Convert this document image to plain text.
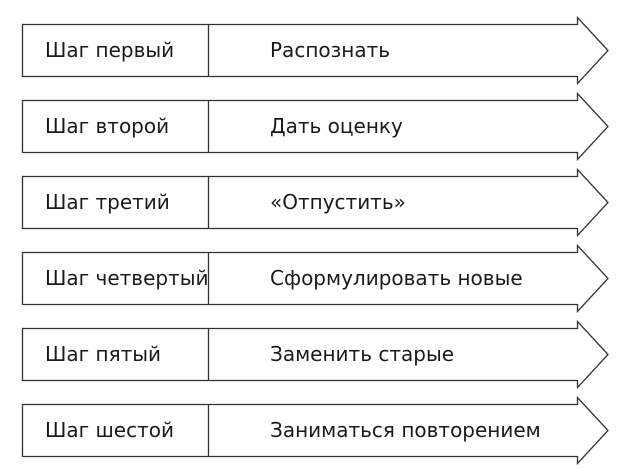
Шаг первый	Распознать
Шаг второй	Дать оценку
Шаг третий	«Отпустить»
Шаг четвертый	Сформулировать новые
Шаг пятый	Заменить старые
Шаг шестой	Заниматься повторением
